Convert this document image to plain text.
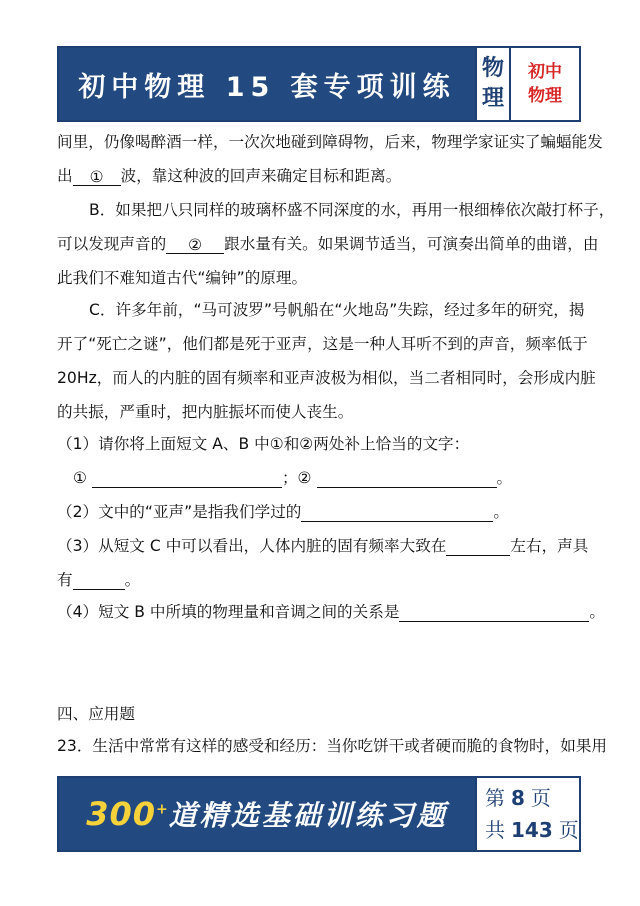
初中物理 15 套专项训练
物
理
初中
物理
间里，仍像喝醉酒一样，一次次地碰到障碍物，后来，物理学家证实了蝙蝠能发
出 ① 波，靠这种波的回声来确定目标和距离。
B．如果把八只同样的玻璃杯盛不同深度的水，再用一根细棒依次敲打杯子，
可以发现声音的 ② 跟水量有关。如果调节适当，可演奏出简单的曲谱，由
此我们不难知道古代“编钟”的原理。
C．许多年前，“马可波罗”号帆船在“火地岛”失踪，经过多年的研究，揭
开了“死亡之谜”，他们都是死于亚声，这是一种人耳听不到的声音，频率低于
20Hz，而人的内脏的固有频率和亚声波极为相似，当二者相同时，会形成内脏
的共振，严重时，把内脏振坏而使人丧生。
（1）请你将上面短文 A、B 中①和②两处补上恰当的文字：
①	；②	。
（2）文中的“亚声”是指我们学过的	。
（3）从短文 C 中可以看出，人体内脏的固有频率大致在	左右，声具
有	。
（4）短文 B 中所填的物理量和音调之间的关系是	。
四、应用题
23．生活中常常有这样的感受和经历：当你吃饼干或者硬而脆的食物时，如果用
300+ 道精选基础训练习题
第 8 页
共 143 页
